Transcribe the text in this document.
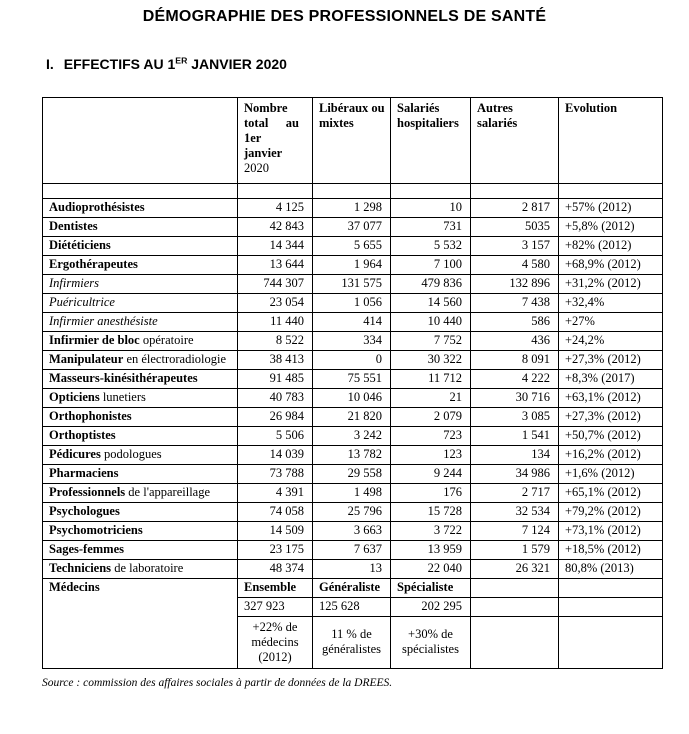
DÉMOGRAPHIE DES PROFESSIONNELS DE SANTÉ
I. EFFECTIFS AU 1ER JANVIER 2020
	Nombre total au 1er janvier 2020	Libéraux ou mixtes	Salariés hospitaliers	Autres salariés	Evolution

Audioprothésistes	4 125	1 298	10	2 817	+57% (2012)
Dentistes	42 843	37 077	731	5035	+5,8% (2012)
Diététiciens	14 344	5 655	5 532	3 157	+82% (2012)
Ergothérapeutes	13 644	1 964	7 100	4 580	+68,9% (2012)
Infirmiers	744 307	131 575	479 836	132 896	+31,2% (2012)
Puéricultrice	23 054	1 056	14 560	7 438	+32,4%
Infirmier anesthésiste	11 440	414	10 440	586	+27%
Infirmier de bloc opératoire	8 522	334	7 752	436	+24,2%
Manipulateur en électroradiologie	38 413	0	30 322	8 091	+27,3% (2012)
Masseurs-kinésithérapeutes	91 485	75 551	11 712	4 222	+8,3% (2017)
Opticiens lunetiers	40 783	10 046	21	30 716	+63,1% (2012)
Orthophonistes	26 984	21 820	2 079	3 085	+27,3% (2012)
Orthoptistes	5 506	3 242	723	1 541	+50,7% (2012)
Pédicures podologues	14 039	13 782	123	134	+16,2% (2012)
Pharmaciens	73 788	29 558	9 244	34 986	+1,6% (2012)
Professionnels de l'appareillage	4 391	1 498	176	2 717	+65,1% (2012)
Psychologues	74 058	25 796	15 728	32 534	+79,2% (2012)
Psychomotriciens	14 509	3 663	3 722	7 124	+73,1% (2012)
Sages-femmes	23 175	7 637	13 959	1 579	+18,5% (2012)
Techniciens de laboratoire	48 374	13	22 040	26 321	80,8% (2013)
Médecins	Ensemble	Généraliste	Spécialiste		
	327 923	125 628	202 295		
	+22% de médecins (2012)	11 % de généralistes	+30% de spécialistes		

Source : commission des affaires sociales à partir de données de la DREES.
